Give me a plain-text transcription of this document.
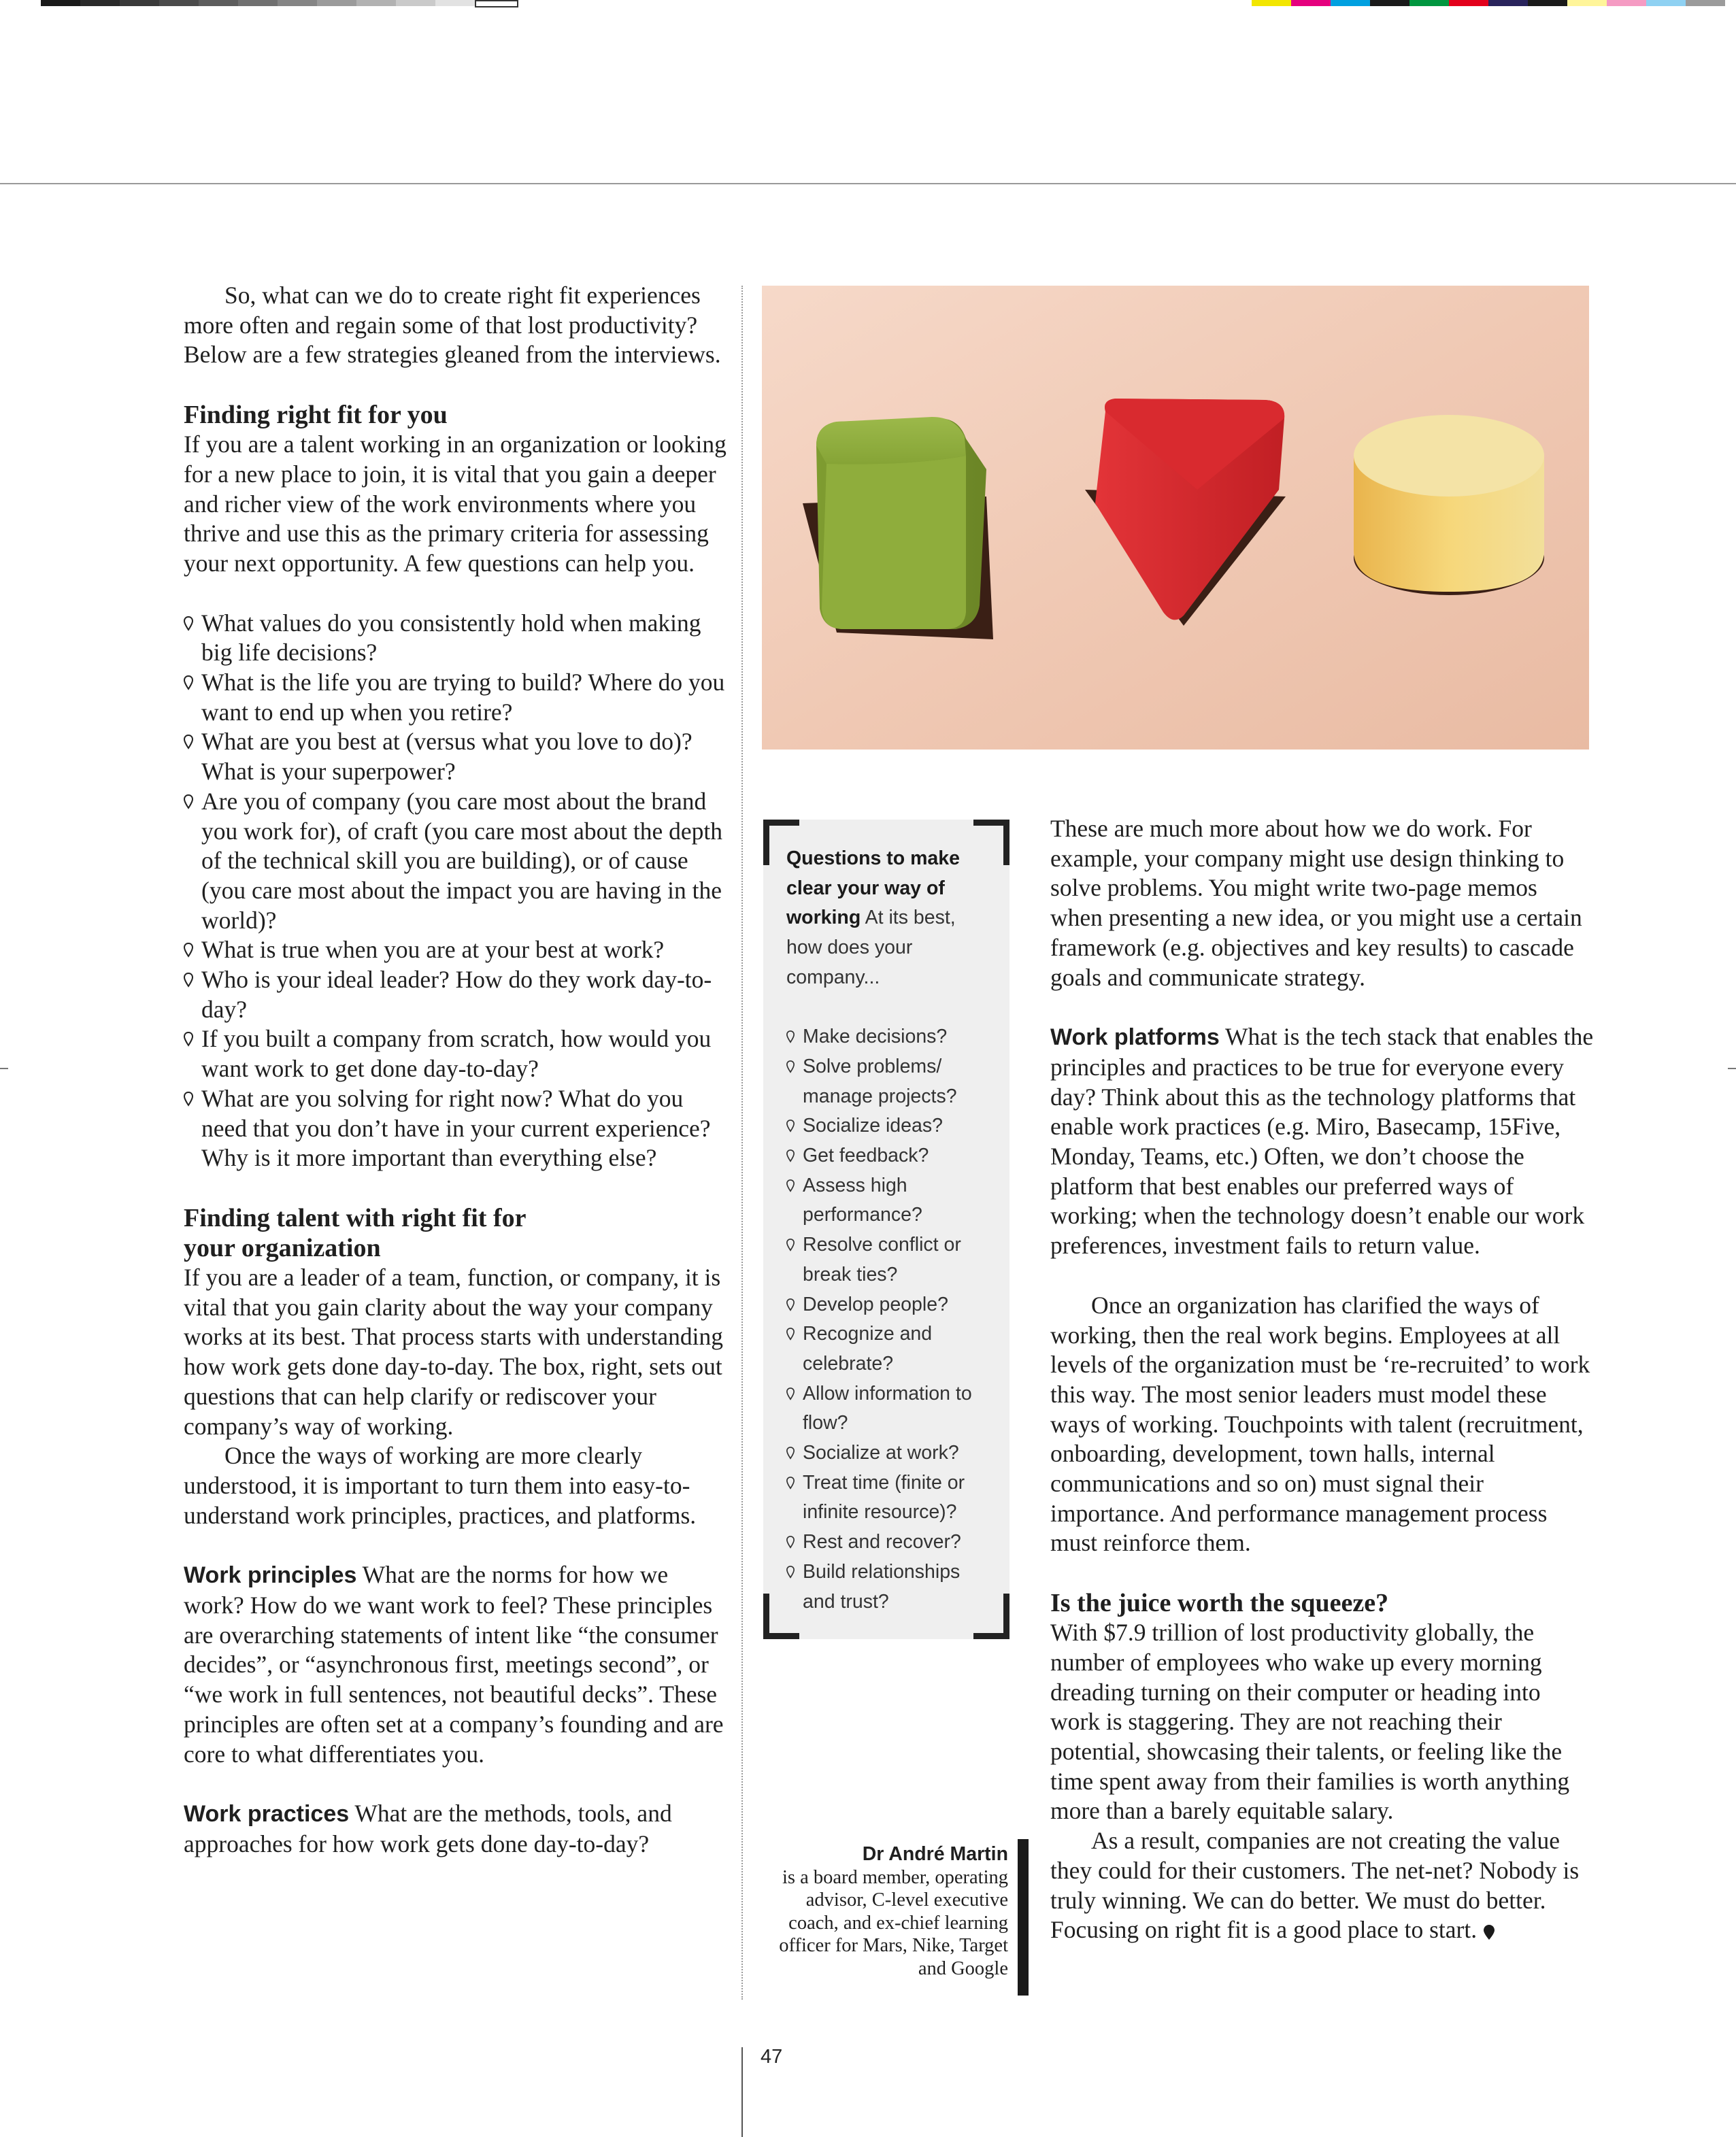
So, what can we do to create right fit experiences more often and regain some of that lost productivity? Below are a few strategies gleaned from the interviews.

Finding right fit for you

If you are a talent working in an organization or looking for a new place to join, it is vital that you gain a deeper and richer view of the work environments where you thrive and use this as the primary criteria for assessing your next opportunity. A few questions can help you.

What values do you consistently hold when making big life decisions?
What is the life you are trying to build? Where do you want to end up when you retire?
What are you best at (versus what you love to do)? What is your superpower?
Are you of company (you care most about the brand you work for), of craft (you care most about the depth of the technical skill you are building), or of cause (you care most about the impact you are having in the world)?
What is true when you are at your best at work?
Who is your ideal leader? How do they work day-to-day?
If you built a company from scratch, how would you want work to get done day-to-day?
What are you solving for right now? What do you need that you don’t have in your current experience? Why is it more important than everything else?

Finding talent with right fit for
your organization

If you are a leader of a team, function, or company, it is vital that you gain clarity about the way your company works at its best. That process starts with understanding how work gets done day-to-day. The box, right, sets out questions that can help clarify or rediscover your company’s way of working.

Once the ways of working are more clearly understood, it is important to turn them into easy-to-understand work principles, practices, and platforms.

Work principles What are the norms for how we work? How do we want work to feel? These principles are overarching statements of intent like “the consumer decides”, or “asynchronous first, meetings second”, or “we work in full sentences, not beautiful decks”. These principles are often set at a company’s founding and are core to what differentiates you.

Work practices What are the methods, tools, and approaches for how work gets done day-to-day?

Questions to make clear your way of working At its best, how does your company...

Make decisions?
Solve problems/ manage projects?
Socialize ideas?
Get feedback?
Assess high performance?
Resolve conflict or break ties?
Develop people?
Recognize and celebrate?
Allow information to flow?
Socialize at work?
Treat time (finite or infinite resource)?
Rest and recover?
Build relationships and trust?
Dr André Martin
is a board member, operating advisor, C-level executive coach, and ex-chief learning officer for Mars, Nike, Target and Google

These are much more about how we do work. For example, your company might use design thinking to solve problems. You might write two-page memos when presenting a new idea, or you might use a certain framework (e.g. objectives and key results) to cascade goals and communicate strategy.

Work platforms What is the tech stack that enables the principles and practices to be true for everyone every day? Think about this as the technology platforms that enable work practices (e.g. Miro, Basecamp, 15Five, Monday, Teams, etc.) Often, we don’t choose the platform that best enables our preferred ways of working; when the technology doesn’t enable our work preferences, investment fails to return value.

Once an organization has clarified the ways of working, then the real work begins. Employees at all levels of the organization must be ‘re-recruited’ to work this way. The most senior leaders must model these ways of working. Touchpoints with talent (recruitment, onboarding, development, town halls, internal communications and so on) must signal their importance. And performance management process must reinforce them.

Is the juice worth the squeeze?

With $7.9 trillion of lost productivity globally, the number of employees who wake up every morning dreading turning on their computer or heading into work is staggering. They are not reaching their potential, showcasing their talents, or feeling like the time spent away from their families is worth anything more than a barely equitable salary.

As a result, companies are not creating the value they could for their customers. The net-net? Nobody is truly winning. We can do better. We must do better. Focusing on right fit is a good place to start.

47
